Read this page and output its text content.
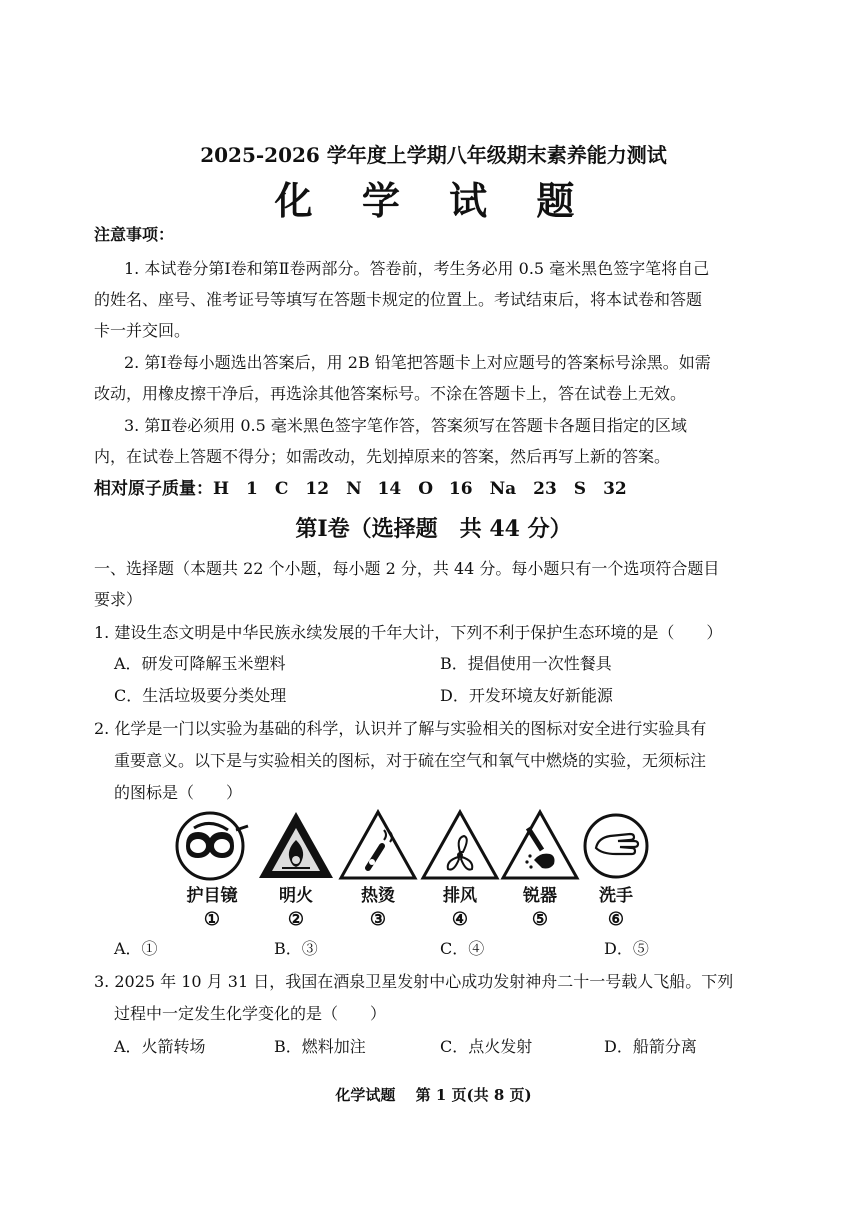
2025-2026 学年度上学期八年级期末素养能力测试
化 学 试 题
注意事项：
1. 本试卷分第Ⅰ卷和第Ⅱ卷两部分。答卷前，考生务必用 0.5 毫米黑色签字笔将自己
的姓名、座号、准考证号等填写在答题卡规定的位置上。考试结束后，将本试卷和答题
卡一并交回。
2. 第Ⅰ卷每小题选出答案后，用 2B 铅笔把答题卡上对应题号的答案标号涂黑。如需
改动，用橡皮擦干净后，再选涂其他答案标号。不涂在答题卡上，答在试卷上无效。
3. 第Ⅱ卷必须用 0.5 毫米黑色签字笔作答，答案须写在答题卡各题目指定的区域
内，在试卷上答题不得分；如需改动，先划掉原来的答案，然后再写上新的答案。
相对原子质量：H　1　C　12　N 14　O 16　Na　23　S　32
第Ⅰ卷（选择题　共 44 分）
一、选择题（本题共 22 个小题，每小题 2 分，共 44 分。每小题只有一个选项符合题目
要求）
1. 建设生态文明是中华民族永续发展的千年大计，下列不利于保护生态环境的是（　　）
A．研发可降解玉米塑料	B．提倡使用一次性餐具
C．生活垃圾要分类处理	D．开发环境友好新能源
2. 化学是一门以实验为基础的科学，认识并了解与实验相关的图标对安全进行实验具有
重要意义。以下是与实验相关的图标，对于硫在空气和氧气中燃烧的实验，无须标注
的图标是（　　）
护目镜	明火	热烫	排风	锐器	洗手
①	②	③	④	⑤	⑥
A．①	B．③	C．④	D．⑤
3. 2025 年 10 月 31 日，我国在酒泉卫星发射中心成功发射神舟二十一号载人飞船。下列
过程中一定发生化学变化的是（　　）
A．火箭转场	B．燃料加注	C．点火发射	D．船箭分离
化学试题　 第 1 页(共 8 页)
